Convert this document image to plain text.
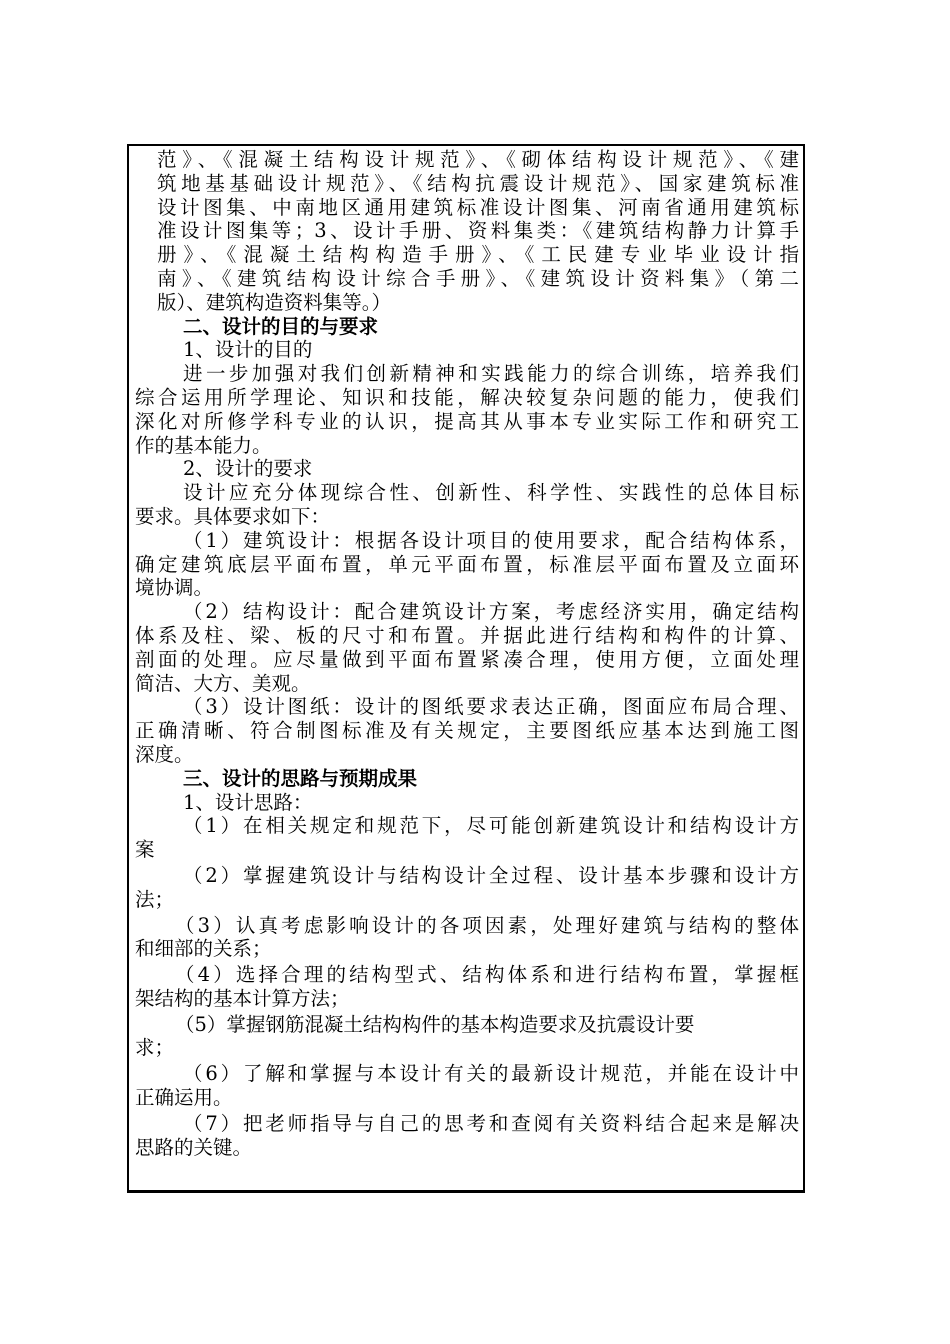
范》、《混凝土结构设计规范》、《砌体结构设计规范》、《建
筑地基基础设计规范》、《结构抗震设计规范》、国家建筑标准
设计图集、中南地区通用建筑标准设计图集、河南省通用建筑标
准设计图集等；3、设计手册、资料集类：《建筑结构静力计算手
册》、《混凝土结构构造手册》、《工民建专业毕业设计指
南》、《建筑结构设计综合手册》、《建筑设计资料集》（第二
版）、建筑构造资料集等。）
二、设计的目的与要求
1、设计的目的
进一步加强对我们创新精神和实践能力的综合训练，培养我们
综合运用所学理论、知识和技能，解决较复杂问题的能力，使我们
深化对所修学科专业的认识，提高其从事本专业实际工作和研究工
作的基本能力。
2、设计的要求
设计应充分体现综合性、创新性、科学性、实践性的总体目标
要求。具体要求如下：
（1）建筑设计：根据各设计项目的使用要求，配合结构体系，
确定建筑底层平面布置，单元平面布置，标准层平面布置及立面环
境协调。
（2）结构设计：配合建筑设计方案，考虑经济实用，确定结构
体系及柱、梁、板的尺寸和布置。并据此进行结构和构件的计算、
剖面的处理。应尽量做到平面布置紧凑合理，使用方便，立面处理
简洁、大方、美观。
（3）设计图纸：设计的图纸要求表达正确，图面应布局合理、
正确清晰、符合制图标准及有关规定，主要图纸应基本达到施工图
深度。
三、设计的思路与预期成果
1、设计思路：
（1）在相关规定和规范下，尽可能创新建筑设计和结构设计方
案
（2）掌握建筑设计与结构设计全过程、设计基本步骤和设计方
法；
（3）认真考虑影响设计的各项因素，处理好建筑与结构的整体
和细部的关系；
（4）选择合理的结构型式、结构体系和进行结构布置，掌握框
架结构的基本计算方法；
（5）掌握钢筋混凝土结构构件的基本构造要求及抗震设计要
求；
（6）了解和掌握与本设计有关的最新设计规范，并能在设计中
正确运用。
（7）把老师指导与自己的思考和查阅有关资料结合起来是解决
思路的关键。
